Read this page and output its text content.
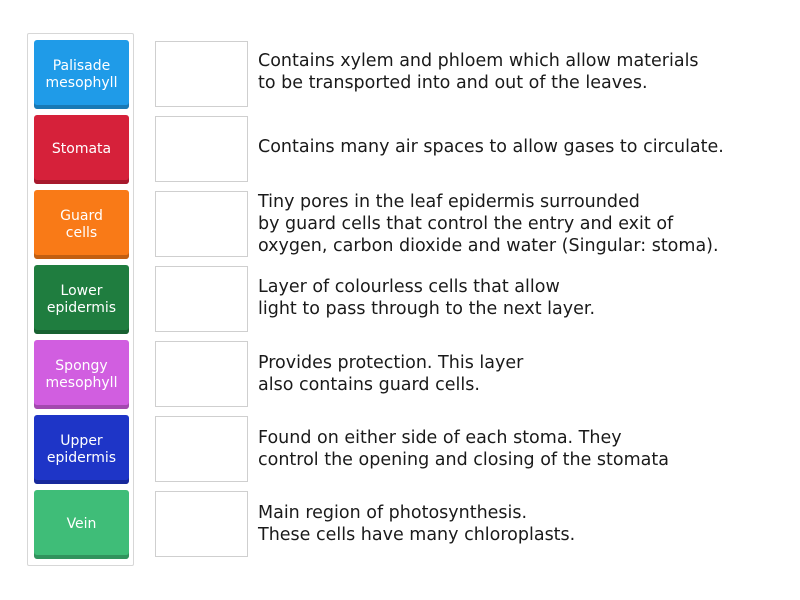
Palisade
mesophyll
Stomata
Guard
cells
Lower
epidermis
Spongy
mesophyll
Upper
epidermis
Vein
Contains xylem and phloem which allow materials
to be transported into and out of the leaves.
Contains many air spaces to allow gases to circulate.
Tiny pores in the leaf epidermis surrounded
by guard cells that control the entry and exit of
oxygen, carbon dioxide and water (Singular: stoma).
Layer of colourless cells that allow
light to pass through to the next layer.
Provides protection. This layer
also contains guard cells.
Found on either side of each stoma. They
control the opening and closing of the stomata
Main region of photosynthesis.
These cells have many chloroplasts.
